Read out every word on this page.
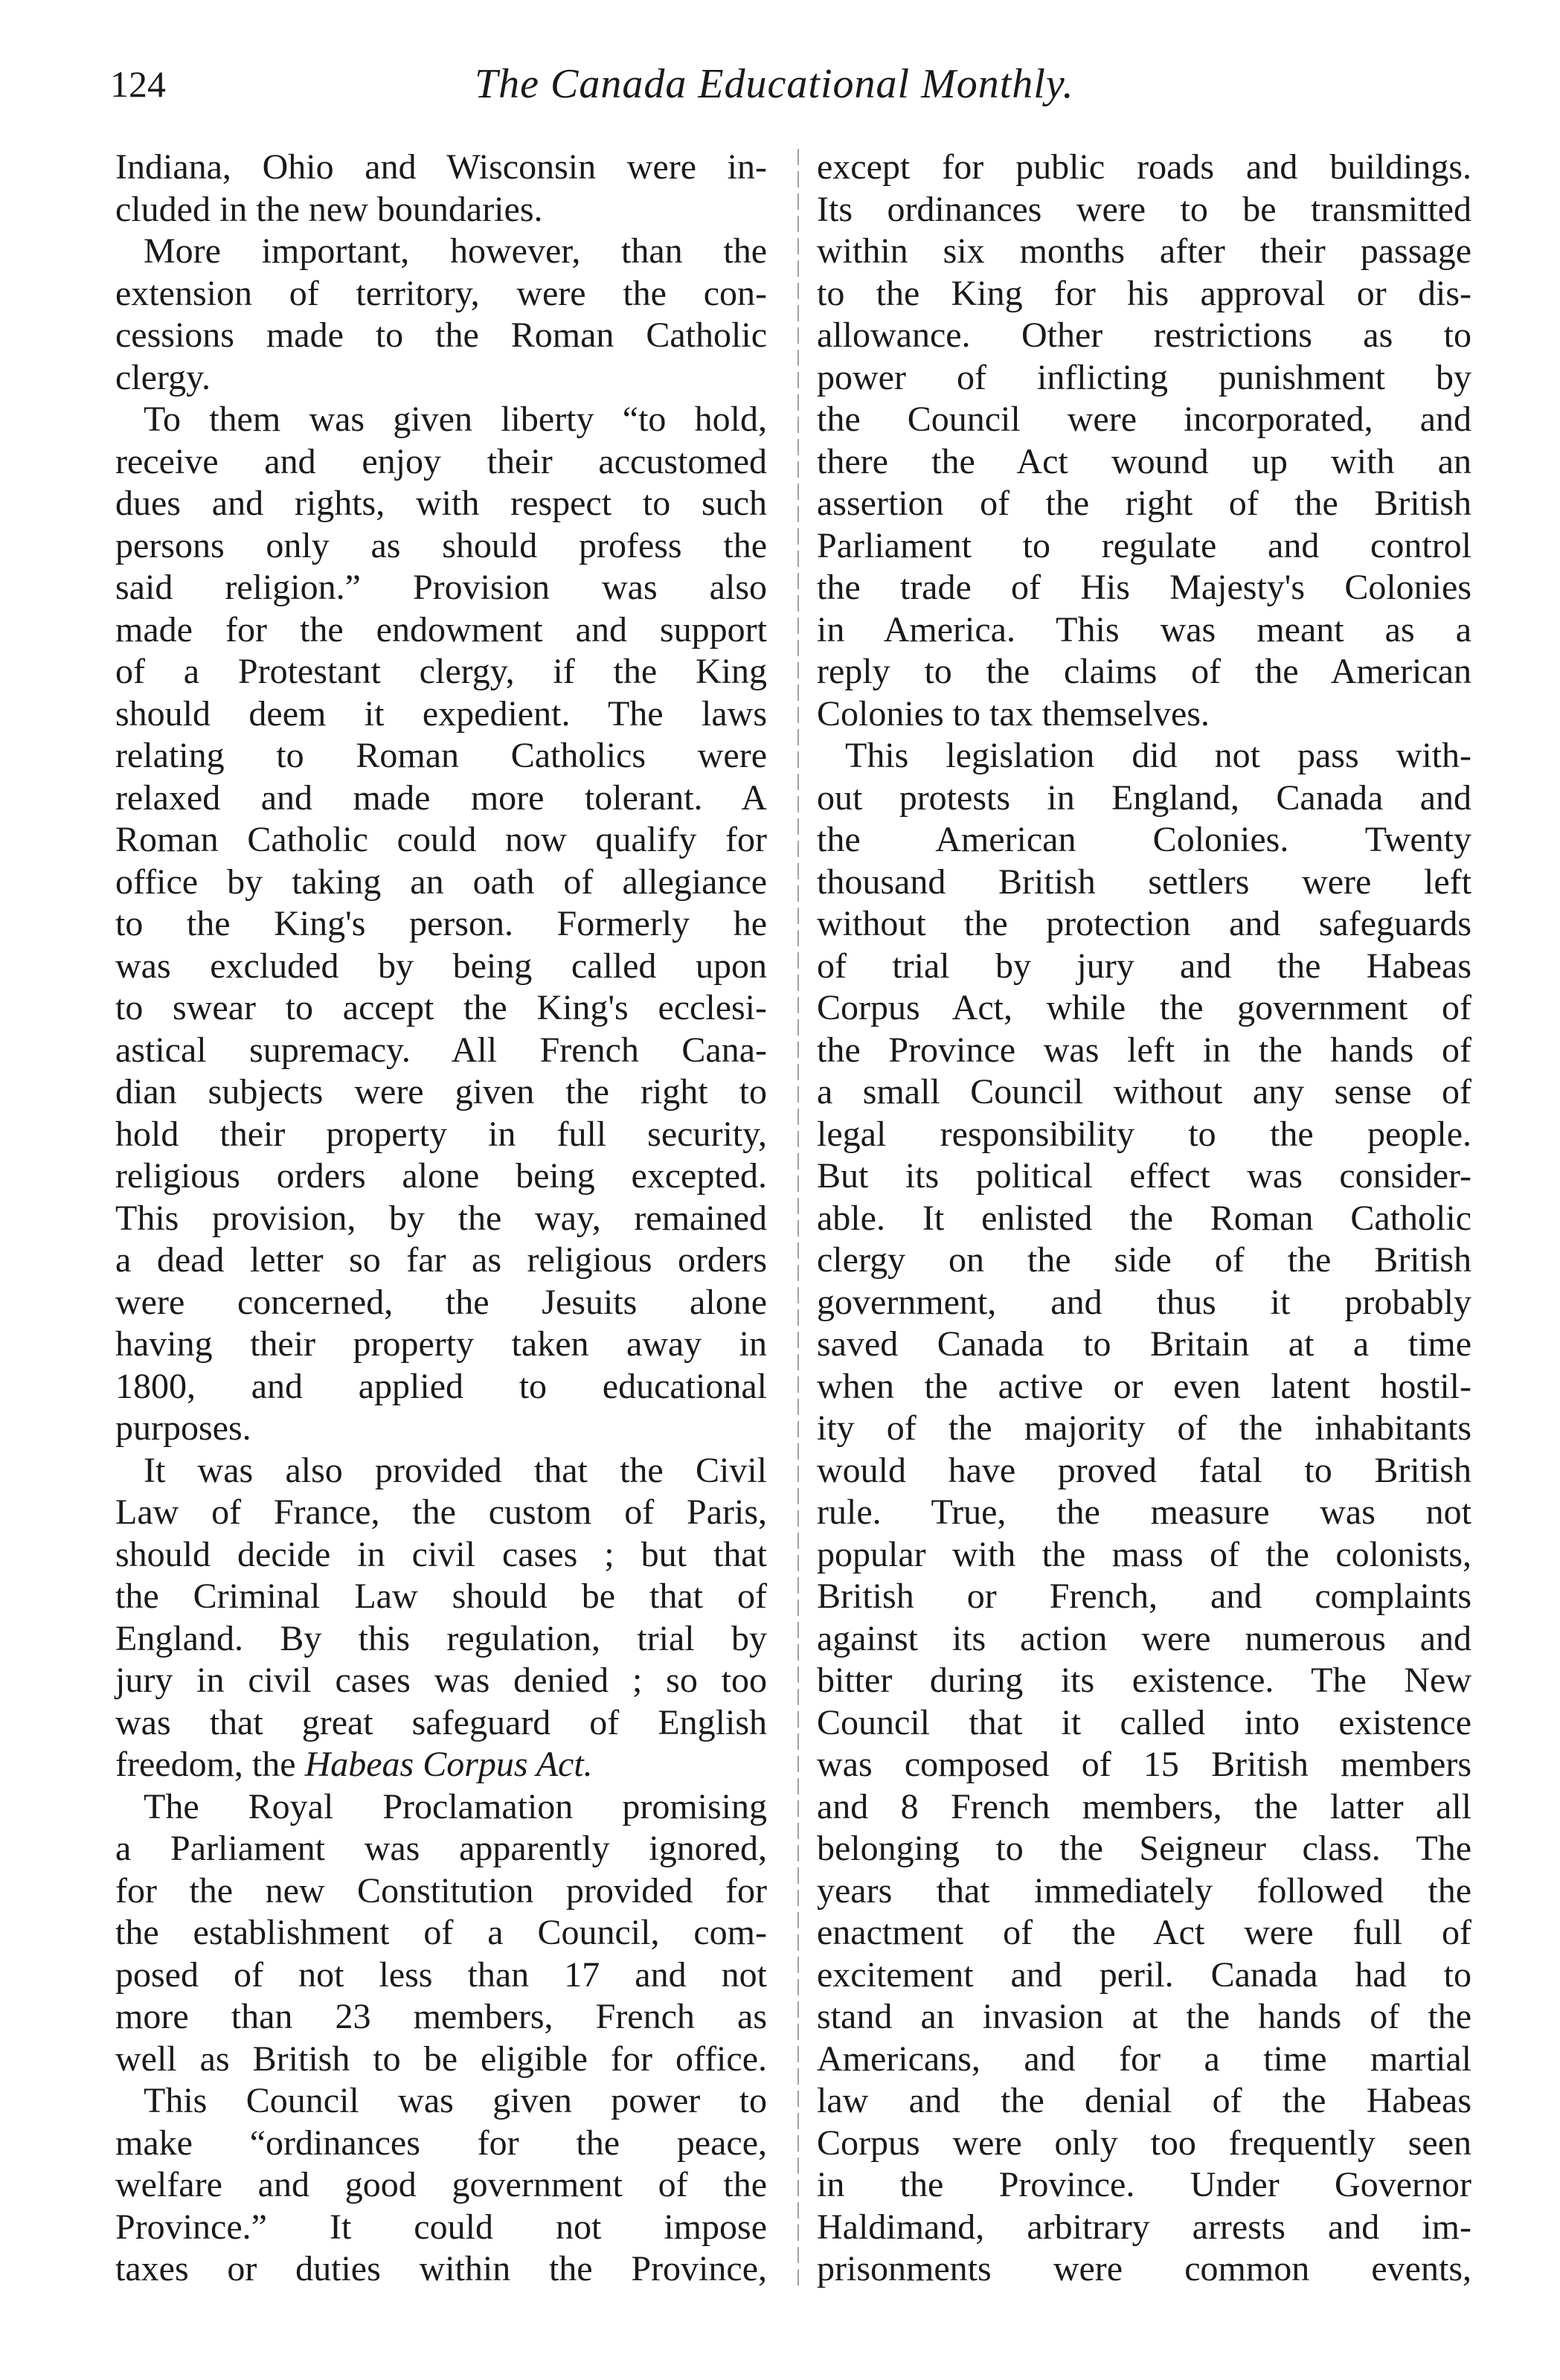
124	The Canada Educational Monthly.
Indiana, Ohio and Wisconsin were in-
cluded in the new boundaries.
More important, however, than the
extension of territory, were the con-
cessions made to the Roman Catholic
clergy.
To them was given liberty “to hold,
receive and enjoy their accustomed
dues and rights, with respect to such
persons only as should profess the
said religion.” Provision was also
made for the endowment and support
of a Protestant clergy, if the King
should deem it expedient. The laws
relating to Roman Catholics were
relaxed and made more tolerant. A
Roman Catholic could now qualify for
office by taking an oath of allegiance
to the King's person. Formerly he
was excluded by being called upon
to swear to accept the King's ecclesi-
astical supremacy. All French Cana-
dian subjects were given the right to
hold their property in full security,
religious orders alone being excepted.
This provision, by the way, remained
a dead letter so far as religious orders
were concerned, the Jesuits alone
having their property taken away in
1800, and applied to educational
purposes.
It was also provided that the Civil
Law of France, the custom of Paris,
should decide in civil cases ; but that
the Criminal Law should be that of
England. By this regulation, trial by
jury in civil cases was denied ; so too
was that great safeguard of English
freedom, the Habeas Corpus Act.
The Royal Proclamation promising
a Parliament was apparently ignored,
for the new Constitution provided for
the establishment of a Council, com-
posed of not less than 17 and not
more than 23 members, French as
well as British to be eligible for office.
This Council was given power to
make “ordinances for the peace,
welfare and good government of the
Province.” It could not impose
taxes or duties within the Province,
except for public roads and buildings.
Its ordinances were to be transmitted
within six months after their passage
to the King for his approval or dis-
allowance. Other restrictions as to
power of inflicting punishment by
the Council were incorporated, and
there the Act wound up with an
assertion of the right of the British
Parliament to regulate and control
the trade of His Majesty's Colonies
in America. This was meant as a
reply to the claims of the American
Colonies to tax themselves.
This legislation did not pass with-
out protests in England, Canada and
the American Colonies. Twenty
thousand British settlers were left
without the protection and safeguards
of trial by jury and the Habeas
Corpus Act, while the government of
the Province was left in the hands of
a small Council without any sense of
legal responsibility to the people.
But its political effect was consider-
able. It enlisted the Roman Catholic
clergy on the side of the British
government, and thus it probably
saved Canada to Britain at a time
when the active or even latent hostil-
ity of the majority of the inhabitants
would have proved fatal to British
rule. True, the measure was not
popular with the mass of the colonists,
British or French, and complaints
against its action were numerous and
bitter during its existence. The New
Council that it called into existence
was composed of 15 British members
and 8 French members, the latter all
belonging to the Seigneur class. The
years that immediately followed the
enactment of the Act were full of
excitement and peril. Canada had to
stand an invasion at the hands of the
Americans, and for a time martial
law and the denial of the Habeas
Corpus were only too frequently seen
in the Province. Under Governor
Haldimand, arbitrary arrests and im-
prisonments were common events,
